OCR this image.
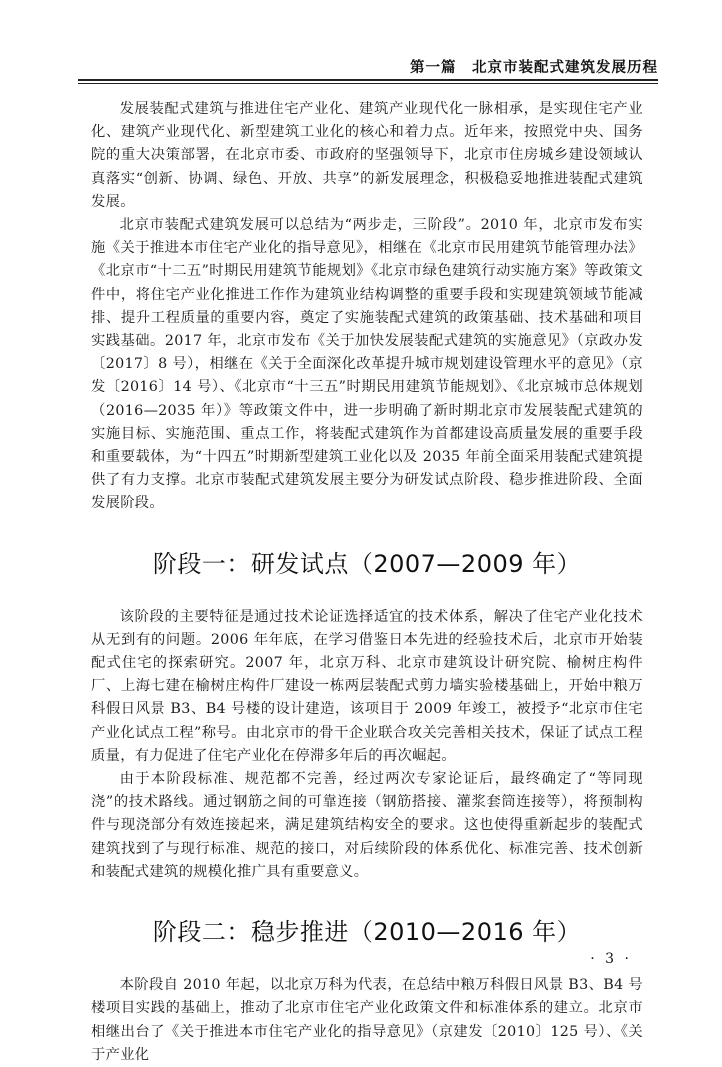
第一篇　北京市装配式建筑发展历程

发展装配式建筑与推进住宅产业化、建筑产业现代化一脉相承，是实现住宅产业化、建筑产业现代化、新型建筑工业化的核心和着力点。近年来，按照党中央、国务院的重大决策部署，在北京市委、市政府的坚强领导下，北京市住房城乡建设领域认真落实“创新、协调、绿色、开放、共享”的新发展理念，积极稳妥地推进装配式建筑发展。

北京市装配式建筑发展可以总结为“两步走，三阶段”。2010 年，北京市发布实施《关于推进本市住宅产业化的指导意见》，相继在《北京市民用建筑节能管理办法》《北京市“十二五”时期民用建筑节能规划》《北京市绿色建筑行动实施方案》等政策文件中，将住宅产业化推进工作作为建筑业结构调整的重要手段和实现建筑领域节能减排、提升工程质量的重要内容，奠定了实施装配式建筑的政策基础、技术基础和项目实践基础。2017 年，北京市发布《关于加快发展装配式建筑的实施意见》（京政办发〔2017〕8 号），相继在《关于全面深化改革提升城市规划建设管理水平的意见》（京发〔2016〕14 号）、《北京市“十三五”时期民用建筑节能规划》、《北京城市总体规划（2016—2035 年）》等政策文件中，进一步明确了新时期北京市发展装配式建筑的实施目标、实施范围、重点工作，将装配式建筑作为首都建设高质量发展的重要手段和重要载体，为“十四五”时期新型建筑工业化以及 2035 年前全面采用装配式建筑提供了有力支撑。北京市装配式建筑发展主要分为研发试点阶段、稳步推进阶段、全面发展阶段。

阶段一：研发试点（2007—2009 年）

该阶段的主要特征是通过技术论证选择适宜的技术体系，解决了住宅产业化技术从无到有的问题。2006 年年底，在学习借鉴日本先进的经验技术后，北京市开始装配式住宅的探索研究。2007 年，北京万科、北京市建筑设计研究院、榆树庄构件厂、上海七建在榆树庄构件厂建设一栋两层装配式剪力墙实验楼基础上，开始中粮万科假日风景 B3、B4 号楼的设计建造，该项目于 2009 年竣工，被授予“北京市住宅产业化试点工程”称号。由北京市的骨干企业联合攻关完善相关技术，保证了试点工程质量，有力促进了住宅产业化在停滞多年后的再次崛起。

由于本阶段标准、规范都不完善，经过两次专家论证后，最终确定了“等同现浇”的技术路线。通过钢筋之间的可靠连接（钢筋搭接、灌浆套筒连接等），将预制构件与现浇部分有效连接起来，满足建筑结构安全的要求。这也使得重新起步的装配式建筑找到了与现行标准、规范的接口，对后续阶段的体系优化、标准完善、技术创新和装配式建筑的规模化推广具有重要意义。

阶段二：稳步推进（2010—2016 年）

本阶段自 2010 年起，以北京万科为代表，在总结中粮万科假日风景 B3、B4 号楼项目实践的基础上，推动了北京市住宅产业化政策文件和标准体系的建立。北京市相继出台了《关于推进本市住宅产业化的指导意见》（京建发〔2010〕125 号）、《关于产业化

· 3 ·
